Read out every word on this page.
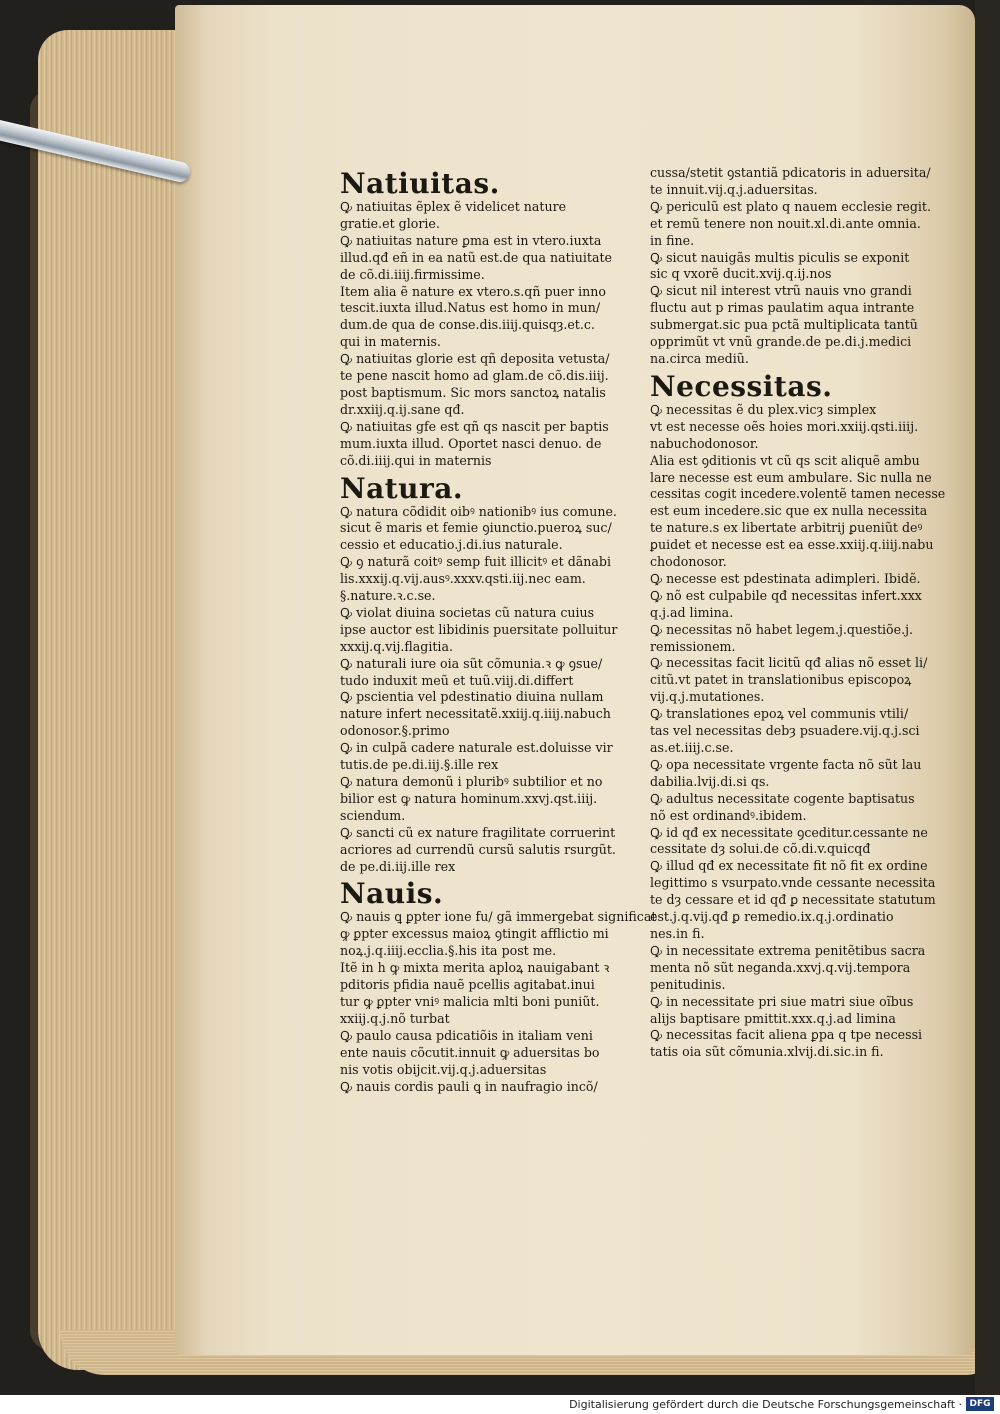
Natiuitas.

Ꝙ natiuitas ẽplex ẽ videlicet nature

gratie.et glorie.

Ꝙ natiuitas nature ꝑma est in vtero.iuxta

illud.qđ eñ in ea natũ est.de qua natiuitate

de cõ.di.iiij.firmissime.

Item alia ẽ nature ex vtero.s.qñ puer inno

tescit.iuxta illud.Natus est homo in mun/

dum.de qua de conse.dis.iiij.quisqȝ.et.c.

qui in maternis.

Ꝙ natiuitas glorie est qñ deposita vetusta/

te pene nascit homo ad glam.de cõ.dis.iiij.

post baptismum. Sic mors sanctoꝝ natalis

dr.xxiij.q.ij.sane qđ.

Ꝙ natiuitas gfe est qñ qs nascit per baptis

mum.iuxta illud. Oportet nasci denuo. de

cõ.di.iiij.qui in maternis

Natura.

Ꝙ natura cõdidit oibꝰ nationibꝰ ius comune.

sicut ẽ maris et femie ꝯiunctio.pueroꝝ suc/

cessio et educatio.j.di.ius naturale.

Ꝙ ꝯ naturã coitꝰ semp fuit illicitꝰ et dãnabi

lis.xxxij.q.vij.ausꝰ.xxxv.qsti.iij.nec eam.

§.nature.ꝛ.c.se.

Ꝙ violat diuina societas cũ natura cuius

ipse auctor est libidinis puersitate polluitur

xxxij.q.vij.flagitia.

Ꝙ naturali iure oia sũt cõmunia.ꝛ ꝙ ꝯsue/

tudo induxit meũ et tuũ.viij.di.differt

Ꝙ pscientia vel pdestinatio diuina nullam

nature infert necessitatẽ.xxiij.q.iiij.nabuch

odonosor.§.primo

Ꝙ in culpã cadere naturale est.doluisse vir

tutis.de pe.di.iij.§.ille rex

Ꝙ natura demonũ i pluribꝰ subtilior et no

bilior est ꝙ natura hominum.xxvj.qst.iiij.

sciendum.

Ꝙ sancti cũ ex nature fragilitate corruerint

acriores ad currendũ cursũ salutis rsurgũt.

de pe.di.iij.ille rex

Nauis.

Ꝙ nauis ꝗ ꝑpter ione fu/ gã immergebat significat

ꝙ ꝑpter excessus maioꝝ ꝯtingit afflictio mi

noꝝ.j.q.iiij.ecclia.§.his ita post me.

Itẽ in h ꝙ mixta merita aploꝝ nauigabant ꝛ

pditoris pfidia nauẽ pcellis agitabat.inui

tur ꝙ ꝑpter vniꝰ malicia mlti boni puniũt.

xxiij.q.j.nõ turbat

Ꝙ paulo causa pdicatiõis in italiam veni

ente nauis cõcutit.innuit ꝙ aduersitas bo

nis votis obijcit.vij.q.j.aduersitas

Ꝙ nauis cordis pauli ꝗ in naufragio incõ/

cussa/stetit ꝯstantiã pdicatoris in aduersita/

te innuit.vij.q.j.aduersitas.

Ꝙ periculũ est plato q nauem ecclesie regit.

et remũ tenere non nouit.xl.di.ante omnia.

in fine.

Ꝙ sicut nauigãs multis piculis se exponit

sic q vxorẽ ducit.xvij.q.ij.nos

Ꝙ sicut nil interest vtrũ nauis vno grandi

fluctu aut p rimas paulatim aqua intrante

submergat.sic pua pctã multiplicata tantũ

opprimũt vt vnũ grande.de pe.di.j.medici

na.circa mediũ.

Necessitas.

Ꝙ necessitas ẽ du plex.vicȝ simplex

vt est necesse oẽs hoies mori.xxiij.qsti.iiij.

nabuchodonosor.

Alia est ꝯditionis vt cũ qs scit aliquẽ ambu

lare necesse est eum ambulare. Sic nulla ne

cessitas cogit incedere.volentẽ tamen necesse

est eum incedere.sic que ex nulla necessita

te nature.s ex libertate arbitrij ꝑueniũt deꝰ

ꝑuidet et necesse est ea esse.xxiij.q.iiij.nabu

chodonosor.

Ꝙ necesse est pdestinata adimpleri. Ibidẽ.

Ꝙ nõ est culpabile qđ necessitas infert.xxx

q.j.ad limina.

Ꝙ necessitas nõ habet legem.j.questiõe.j.

remissionem.

Ꝙ necessitas facit licitũ qđ alias nõ esset li/

citũ.vt patet in translationibus episcopoꝝ

vij.q.j.mutationes.

Ꝙ translationes epoꝝ vel communis vtili/

tas vel necessitas debȝ psuadere.vij.q.j.sci

as.et.iiij.c.se.

Ꝙ opa necessitate vrgente facta nõ sũt lau

dabilia.lvij.di.si qs.

Ꝙ adultus necessitate cogente baptisatus

nõ est ordinandꝰ.ibidem.

Ꝙ id qđ ex necessitate ꝯceditur.cessante ne

cessitate dȝ solui.de cõ.di.v.quicqđ

Ꝙ illud qđ ex necessitate fit nõ fit ex ordine

legittimo s vsurpato.vnde cessante necessita

te dȝ cessare et id qđ ꝑ necessitate statutum

est.j.q.vij.qđ ꝑ remedio.ix.q.j.ordinatio

nes.in fi.

Ꝙ in necessitate extrema penitẽtibus sacra

menta nõ sũt neganda.xxvj.q.vij.tempora

penitudinis.

Ꝙ in necessitate pri siue matri siue oĩbus

alijs baptisare pmittit.xxx.q.j.ad limina

Ꝙ necessitas facit aliena ꝑpa q tpe necessi

tatis oia sũt cõmunia.xlvij.di.sic.in fi.

Digitalisierung gefördert durch die Deutsche Forschungsgemeinschaft · DFG
